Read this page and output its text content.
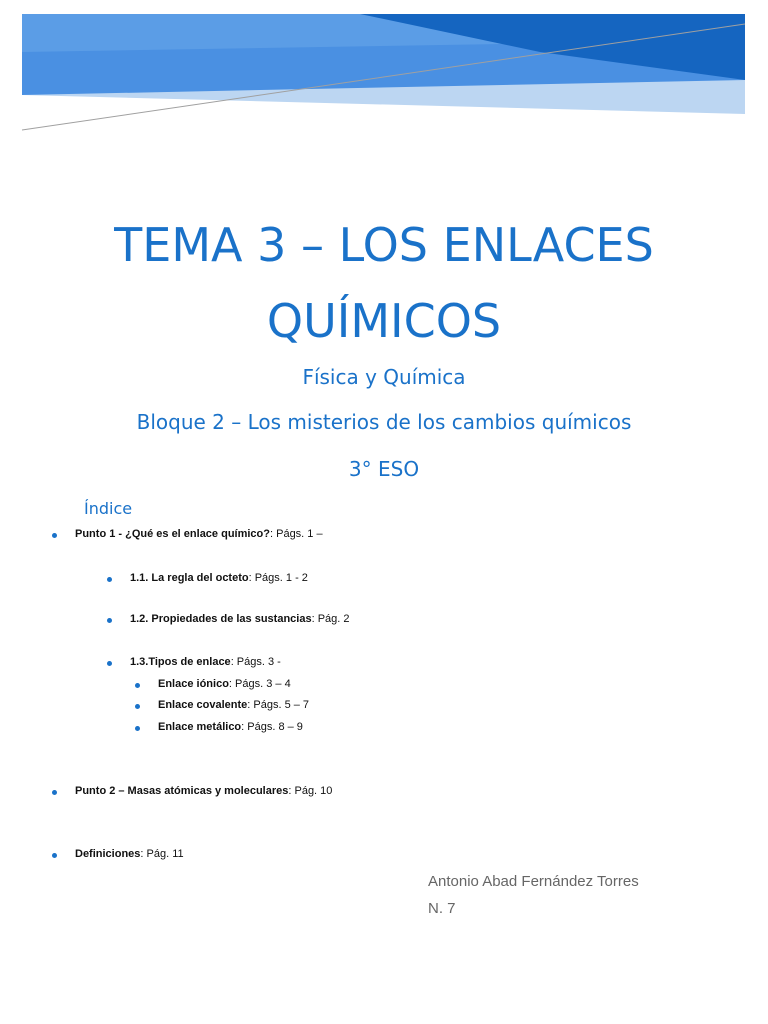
TEMA 3 – LOS ENLACES
QUÍMICOS
Física y Química
Bloque 2 – Los misterios de los cambios químicos
3° ESO
Índice
Punto 1 - ¿Qué es el enlace químico?: Págs. 1 –
1.1. La regla del octeto: Págs. 1 - 2
1.2. Propiedades de las sustancias: Pág. 2
1.3.Tipos de enlace: Págs. 3 -
Enlace iónico: Págs. 3 – 4
Enlace covalente: Págs. 5 – 7
Enlace metálico: Págs. 8 – 9
Punto 2 – Masas atómicas y moleculares: Pág. 10
Definiciones: Pág. 11
Antonio Abad Fernández Torres
N. 7
